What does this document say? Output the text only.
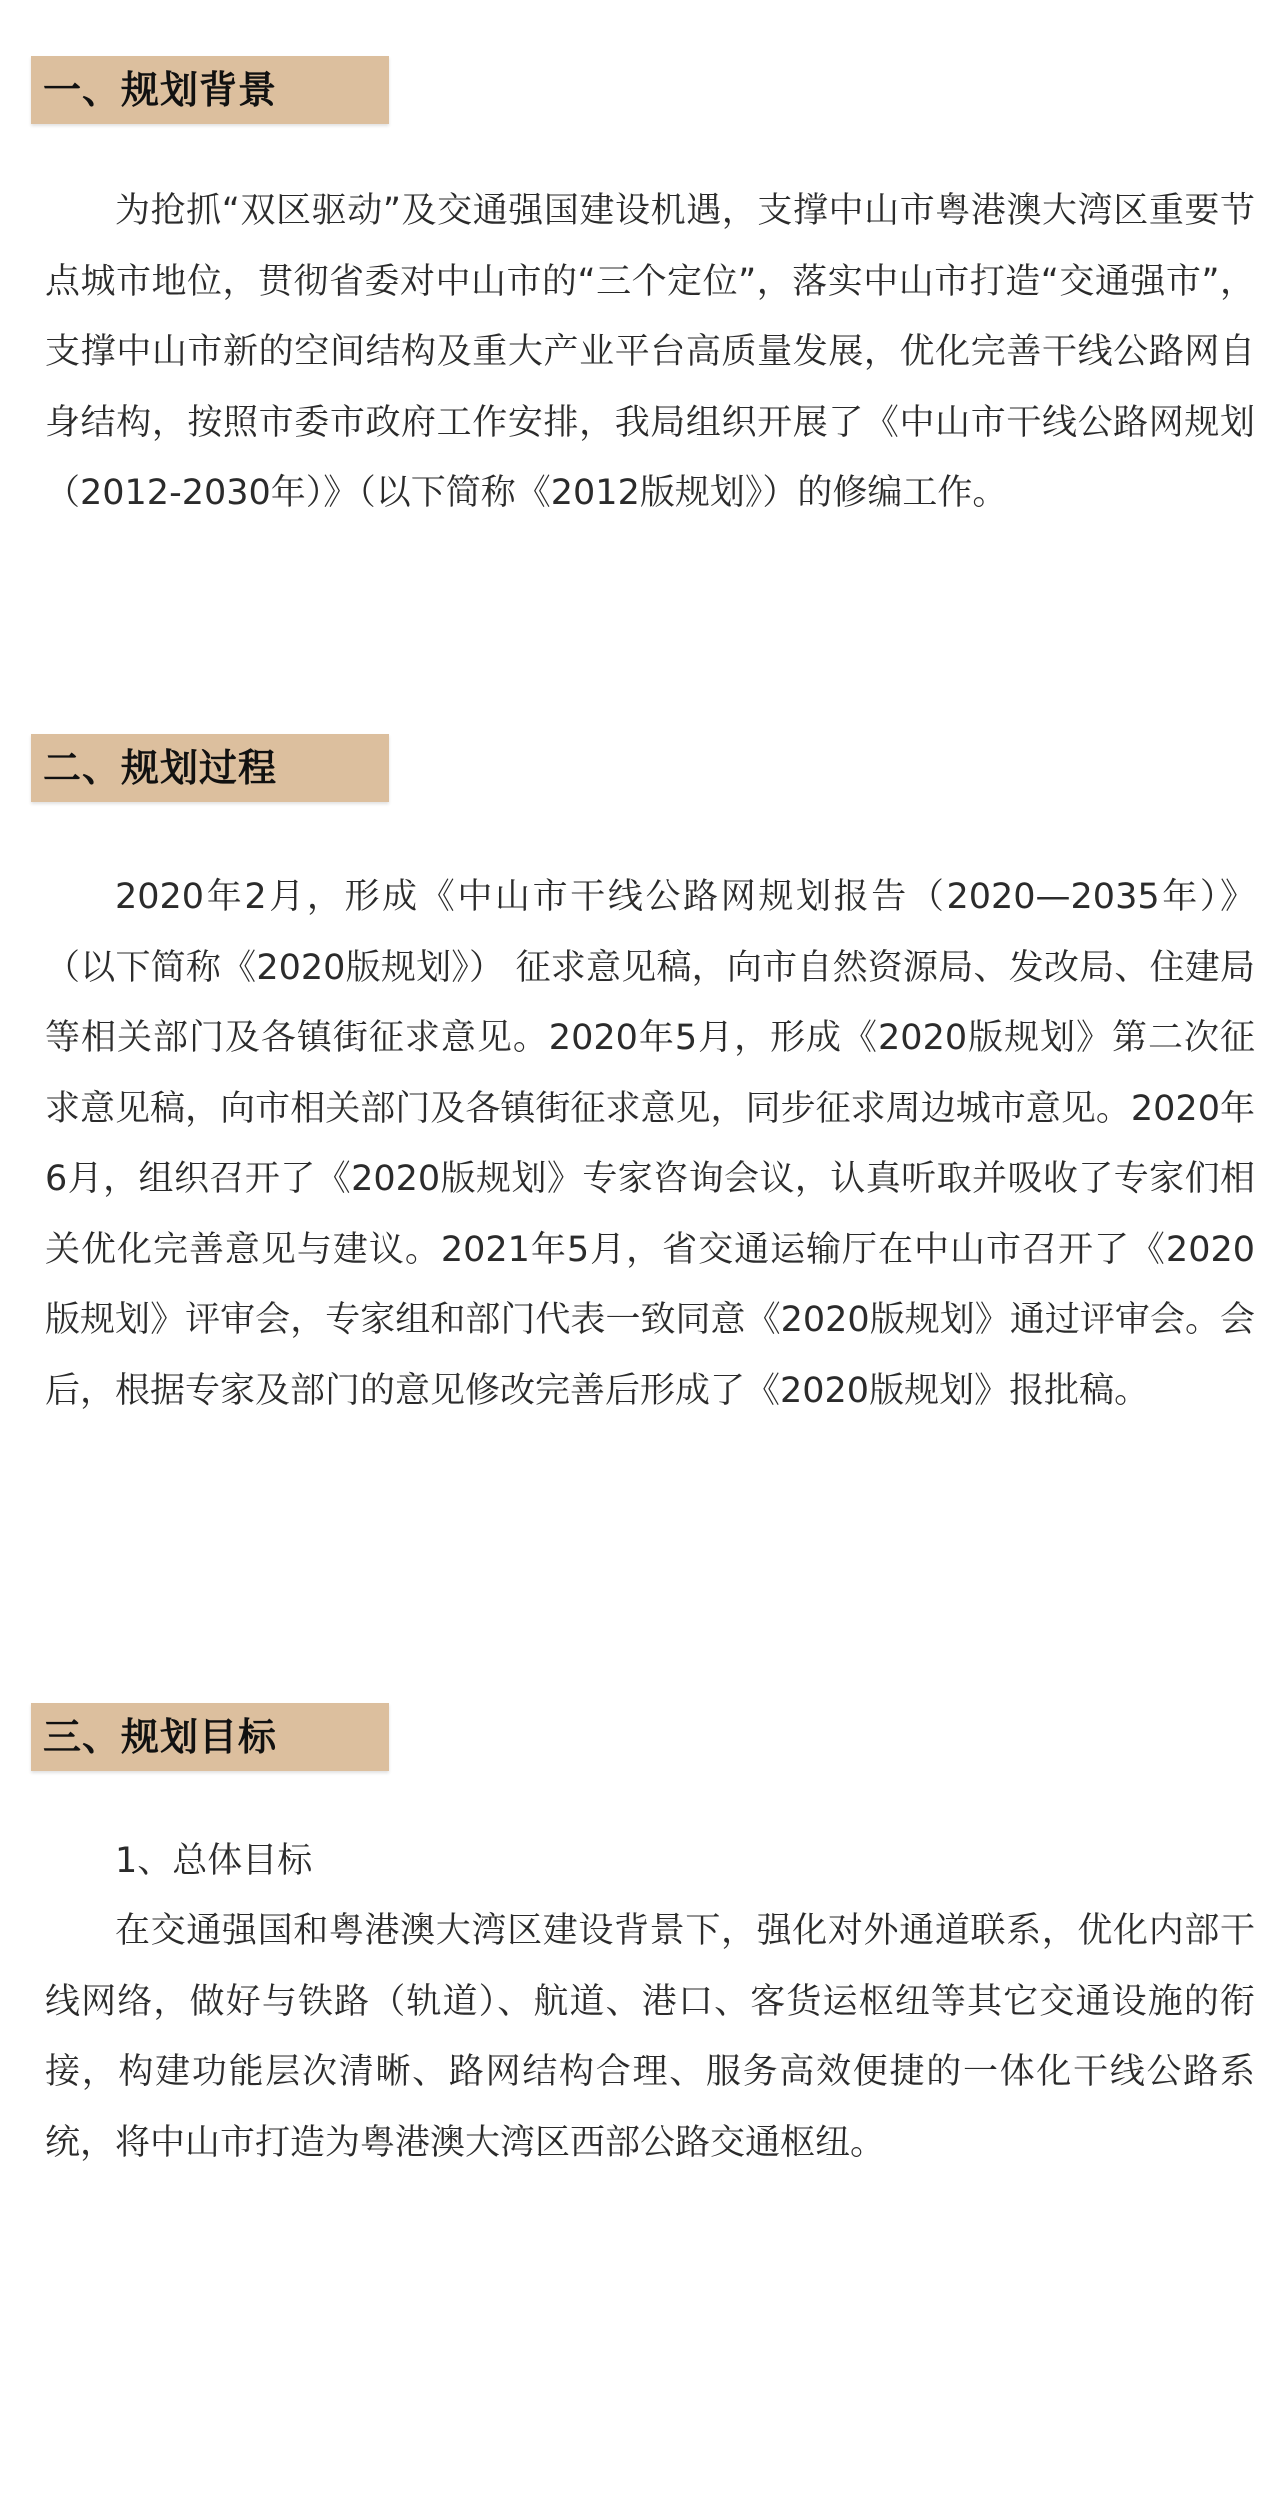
一、规划背景

为抢抓“双区驱动”及交通强国建设机遇，支撑中山市粤港澳大湾区重要节点城市地位，贯彻省委对中山市的“三个定位”，落实中山市打造“交通强市”，支撑中山市新的空间结构及重大产业平台高质量发展，优化完善干线公路网自身结构，按照市委市政府工作安排，我局组织开展了《中山市干线公路网规划（2012-2030年）》（以下简称《2012版规划》）的修编工作。

二、规划过程

2020年2月，形成《中山市干线公路网规划报告（2020—2035年）》 （以下简称《2020版规划》） 征求意见稿，向市自然资源局、发改局、住建局等相关部门及各镇街征求意见。2020年5月，形成《2020版规划》第二次征求意见稿，向市相关部门及各镇街征求意见，同步征求周边城市意见。2020年6月，组织召开了《2020版规划》专家咨询会议，认真听取并吸收了专家们相关优化完善意见与建议。2021年5月，省交通运输厅在中山市召开了《2020版规划》评审会，专家组和部门代表一致同意《2020版规划》通过评审会。会后，根据专家及部门的意见修改完善后形成了《2020版规划》报批稿。

三、规划目标
1、总体目标

在交通强国和粤港澳大湾区建设背景下，强化对外通道联系，优化内部干线网络，做好与铁路（轨道）、航道、港口、客货运枢纽等其它交通设施的衔接，构建功能层次清晰、路网结构合理、服务高效便捷的一体化干线公路系统，将中山市打造为粤港澳大湾区西部公路交通枢纽。
